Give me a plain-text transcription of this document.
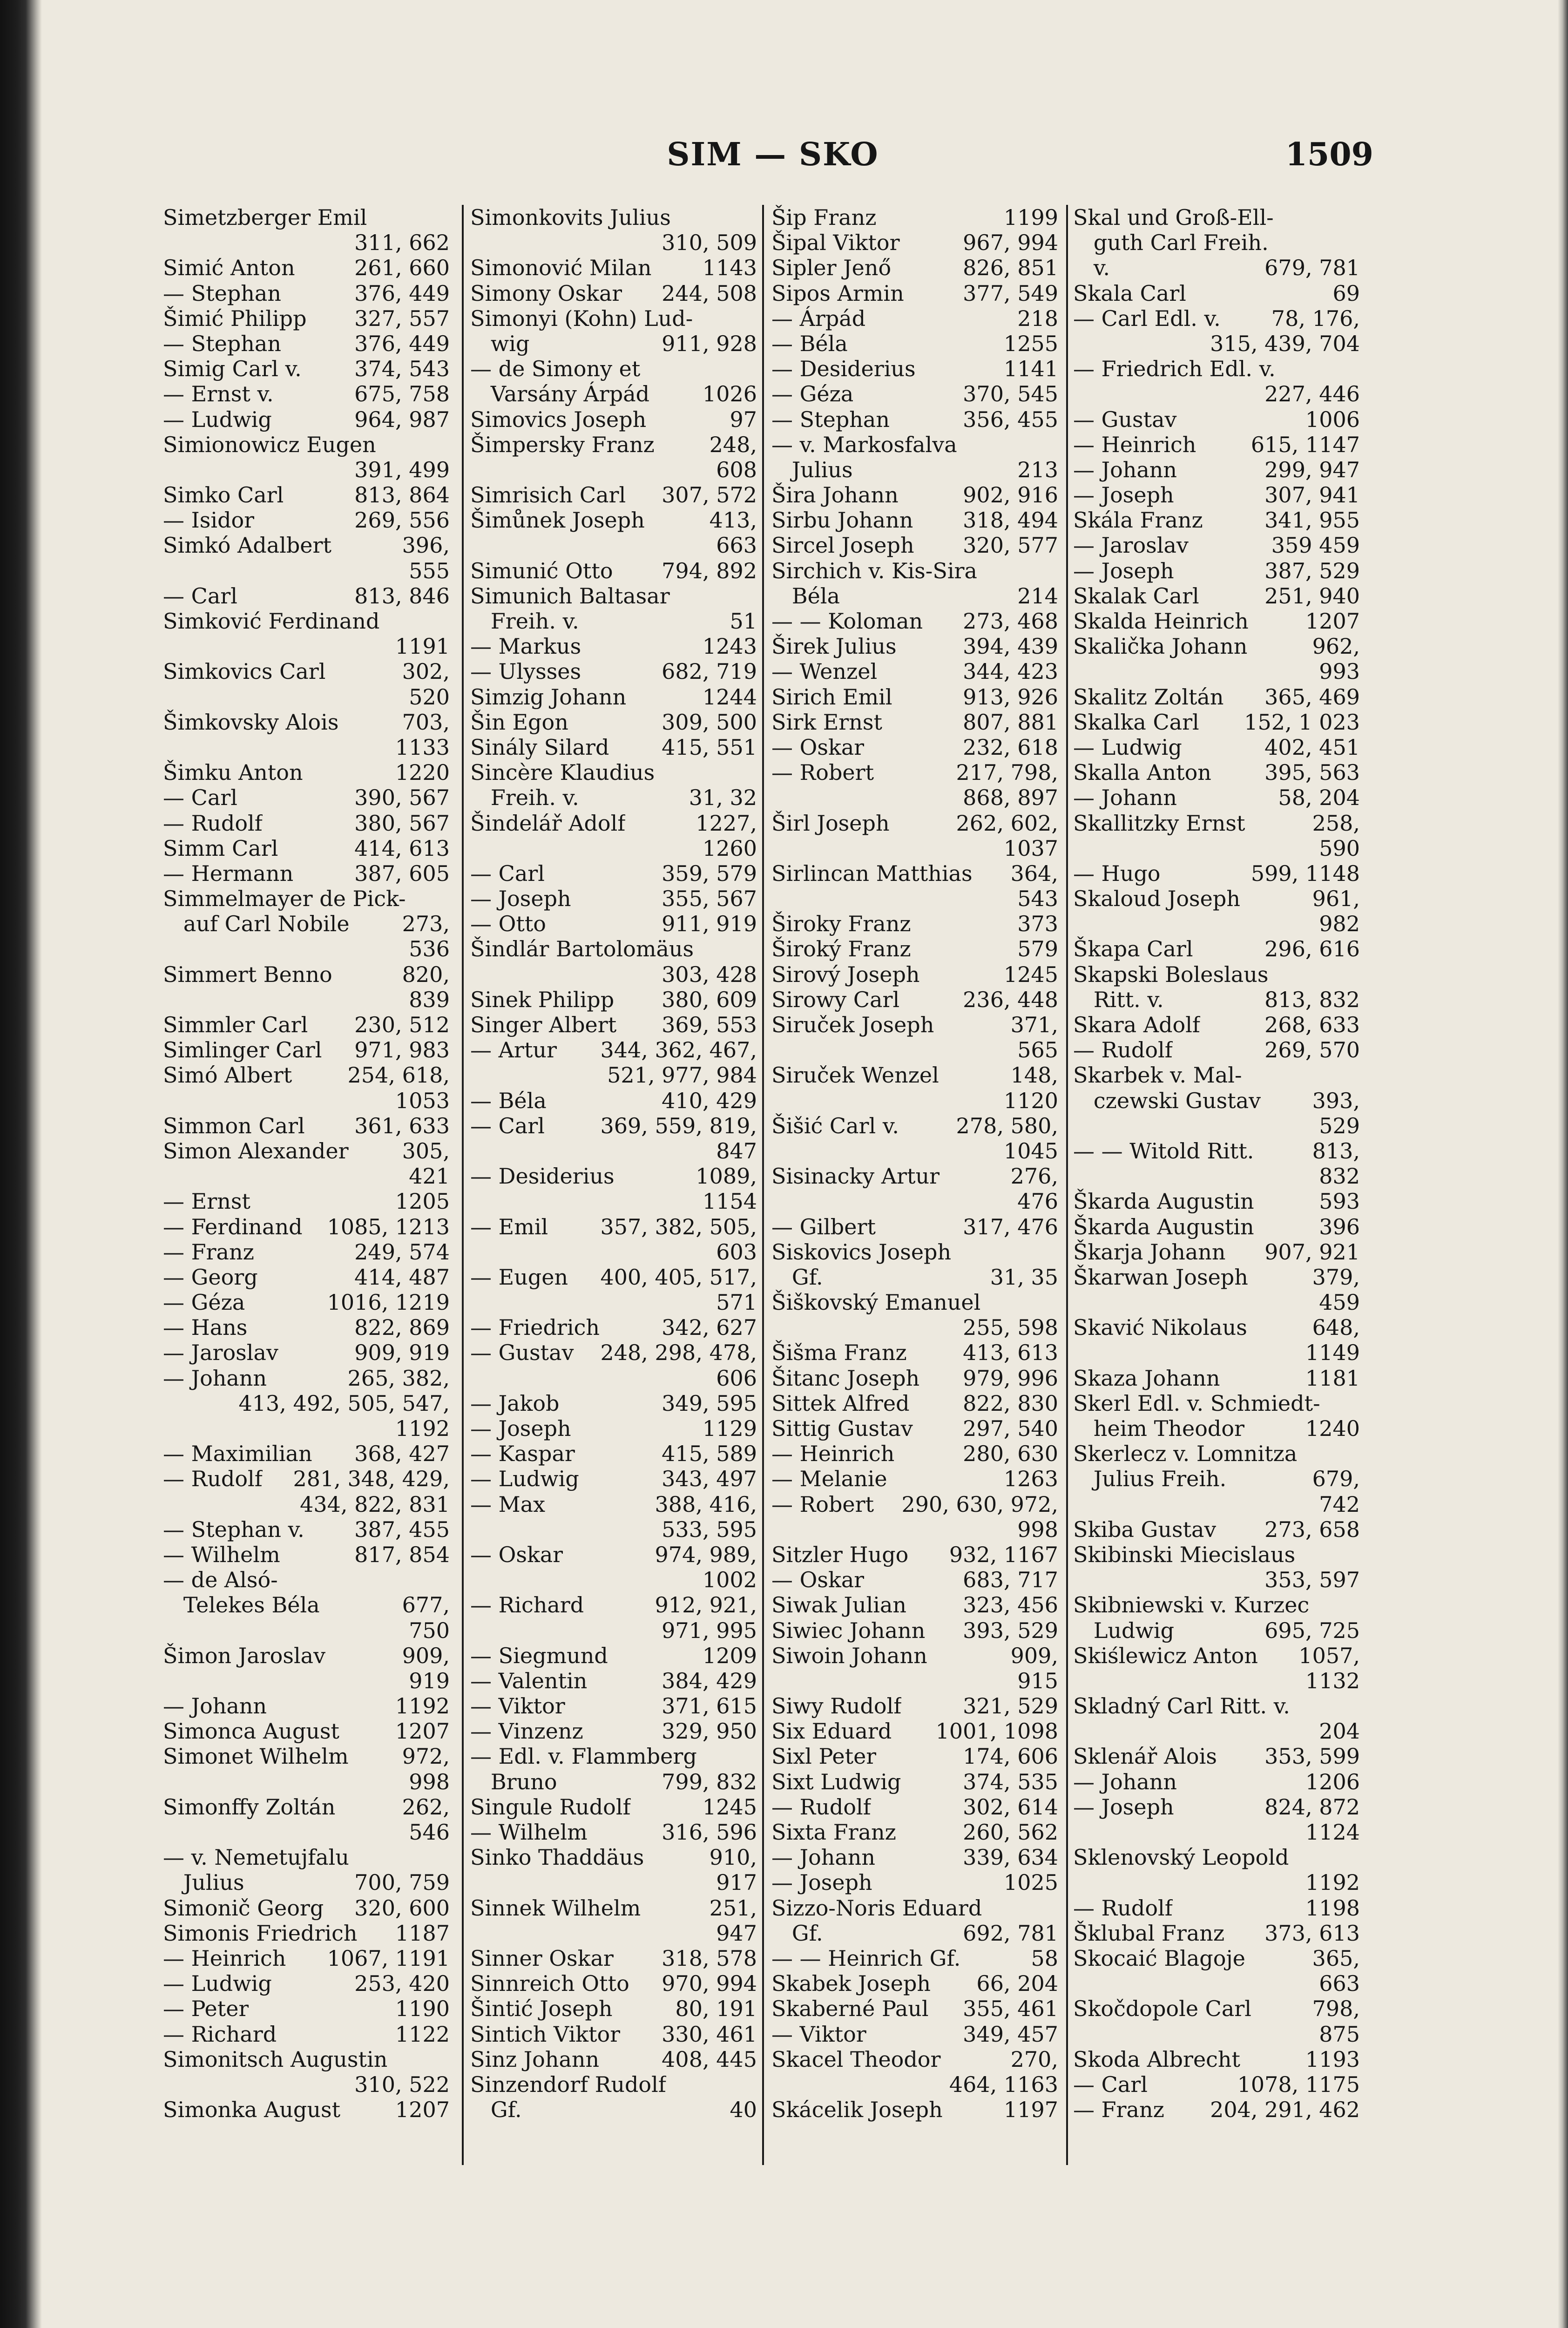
SIM — SKO	1509
Simetzberger Emil
311, 662
Simić Anton	261, 660
— Stephan	376, 449
Šimić Philipp 327, 557
— Stephan	376, 449
Simig Carl v. 374, 543
— Ernst v.	675, 758
— Ludwig	964, 987
Simionowicz Eugen
391, 499
Simko Carl	813, 864
— Isidor	269, 556
Simkó Adalbert	396,
555
— Carl	813, 846
Simković Ferdinand
1191
Simkovics Carl	302,
520
Šimkovsky Alois	703,
1133
Šimku Anton	1220
— Carl	390, 567
— Rudolf	380, 567
Simm Carl	414, 613
— Hermann	387, 605
Simmelmayer de Pick-
auf Carl Nobile 273,
536
Simmert Benno	820,
839
Simmler Carl 230, 512
Simlinger Carl 971, 983
Simó Albert	254, 618,
1053
Simmon Carl 361, 633
Simon Alexander 305,
421
— Ernst	1205
— Ferdinand 1085, 1213
— Franz	249, 574
— Georg	414, 487
— Géza	1016, 1219
— Hans	822, 869
— Jaroslav	909, 919
— Johann	265, 382,
413, 492, 505, 547,
1192
— Maximilian 368, 427
— Rudolf 281, 348, 429,
434, 822, 831
— Stephan v. 387, 455
— Wilhelm	817, 854
— de Alsó-
Telekes Béla	677,
750
Šimon Jaroslav	909,
919
— Johann	1192
Simonca August	1207
Simonet Wilhelm	972,
998
Simonffy Zoltán	262,
546
— v. Nemetujfalu
Julius	700, 759
Simonič Georg 320, 600
Simonis Friedrich 1187
— Heinrich 1067, 1191
— Ludwig	253, 420
— Peter	1190
— Richard	1122
Simonitsch Augustin
310, 522
Simonka August	1207
Simonkovits Julius
310, 509
Simonović Milan 1143
Simony Oskar 244, 508
Simonyi (Kohn) Lud-
wig	911, 928
— de Simony et
Varsány Árpád 1026
Simovics Joseph	97
Šimpersky Franz	248,
608
Simrisich Carl 307, 572
Šimůnek Joseph	413,
663
Simunić Otto 794, 892
Simunich Baltasar
Freih. v.	51
— Markus	1243
— Ulysses	682, 719
Simzig Johann	1244
Šin Egon	309, 500
Sinály Silard 415, 551
Sincère Klaudius
Freih. v.	31, 32
Šindelář Adolf	1227,
1260
— Carl	359, 579
— Joseph	355, 567
— Otto	911, 919
Šindlár Bartolomäus
303, 428
Sinek Philipp 380, 609
Singer Albert 369, 553
— Artur 344, 362, 467,
521, 977, 984
— Béla	410, 429
— Carl	369, 559, 819,
847
— Desiderius	1089,
1154
— Emil 357, 382, 505,
603
— Eugen 400, 405, 517,
571
— Friedrich	342, 627
— Gustav 248, 298, 478,
606
— Jakob	349, 595
— Joseph	1129
— Kaspar	415, 589
— Ludwig	343, 497
— Max	388, 416,
533, 595
— Oskar	974, 989,
1002
— Richard	912, 921,
971, 995
— Siegmund	1209
— Valentin	384, 429
— Viktor	371, 615
— Vinzenz	329, 950
— Edl. v. Flammberg
Bruno	799, 832
Singule Rudolf	1245
— Wilhelm	316, 596
Sinko Thaddäus	910,
917
Sinnek Wilhelm	251,
947
Sinner Oskar 318, 578
Sinnreich Otto 970, 994
Šintić Joseph	80, 191
Sintich Viktor 330, 461
Sinz Johann	408, 445
Sinzendorf Rudolf
Gf.	40
Šip Franz	1199
Šipal Viktor	967, 994
Sipler Jenő	826, 851
Sipos Armin	377, 549
— Árpád	218
— Béla	1255
— Desiderius	1141
— Géza	370, 545
— Stephan	356, 455
— v. Markosfalva
Julius	213
Šira Johann	902, 916
Sirbu Johann 318, 494
Sircel Joseph 320, 577
Sirchich v. Kis-Sira
Béla	214
— — Koloman 273, 468
Širek Julius	394, 439
— Wenzel	344, 423
Sirich Emil	913, 926
Sirk Ernst	807, 881
— Oskar	232, 618
— Robert	217, 798,
868, 897
Širl Joseph	262, 602,
1037
Sirlincan Matthias 364,
543
Široky Franz	373
Široký Franz	579
Sirový Joseph	1245
Sirowy Carl	236, 448
Siruček Joseph	371,
565
Siruček Wenzel	148,
1120
Šišić Carl v.	278, 580,
1045
Sisinacky Artur	276,
476
— Gilbert	317, 476
Siskovics Joseph
Gf.	31, 35
Šiškovský Emanuel
255, 598
Šišma Franz	413, 613
Šitanc Joseph 979, 996
Sittek Alfred 822, 830
Sittig Gustav 297, 540
— Heinrich	280, 630
— Melanie	1263
— Robert 290, 630, 972,
998
Sitzler Hugo 932, 1167
— Oskar	683, 717
Siwak Julian	323, 456
Siwiec Johann 393, 529
Siwoin Johann	909,
915
Siwy Rudolf	321, 529
Six Eduard 1001, 1098
Sixl Peter	174, 606
Sixt Ludwig	374, 535
— Rudolf	302, 614
Sixta Franz	260, 562
— Johann	339, 634
— Joseph	1025
Sizzo-Noris Eduard
Gf.	692, 781
— — Heinrich Gf.	58
Skabek Joseph 66, 204
Skaberné Paul 355, 461
— Viktor	349, 457
Skacel Theodor	270,
464, 1163
Skácelik Joseph	1197
Skal und Groß-Ell-
guth Carl Freih.
v.	679, 781
Skala Carl	69
— Carl Edl. v. 78, 176,
315, 439, 704
— Friedrich Edl. v.
227, 446
— Gustav	1006
— Heinrich	615, 1147
— Johann	299, 947
— Joseph	307, 941
Skála Franz	341, 955
— Jaroslav	359 459
— Joseph	387, 529
Skalak Carl	251, 940
Skalda Heinrich	1207
Skalička Johann	962,
993
Skalitz Zoltán 365, 469
Skalka Carl 152, 1 023
— Ludwig	402, 451
Skalla Anton 395, 563
— Johann	58, 204
Skallitzky Ernst	258,
590
— Hugo	599, 1148
Skaloud Joseph	961,
982
Škapa Carl	296, 616
Skapski Boleslaus
Ritt. v.	813, 832
Skara Adolf	268, 633
— Rudolf	269, 570
Skarbek v. Mal-
czewski Gustav 393,
529
— — Witold Ritt.	813,
832
Škarda Augustin	593
Škarda Augustin	396
Škarja Johann 907, 921
Škarwan Joseph	379,
459
Skavić Nikolaus	648,
1149
Skaza Johann	1181
Skerl Edl. v. Schmiedt-
heim Theodor	1240
Skerlecz v. Lomnitza
Julius Freih.	679,
742
Skiba Gustav 273, 658
Skibinski Miecislaus
353, 597
Skibniewski v. Kurzec
Ludwig	695, 725
Skiślewicz Anton 1057,
1132
Skladný Carl Ritt. v.
204
Sklenář Alois 353, 599
— Johann	1206
— Joseph	824, 872
1124
Sklenovský Leopold
1192
— Rudolf	1198
Šklubal Franz 373, 613
Skocaić Blagoje	365,
663
Skočdopole Carl	798,
875
Skoda Albrecht	1193
— Carl	1078, 1175
— Franz 204, 291, 462
